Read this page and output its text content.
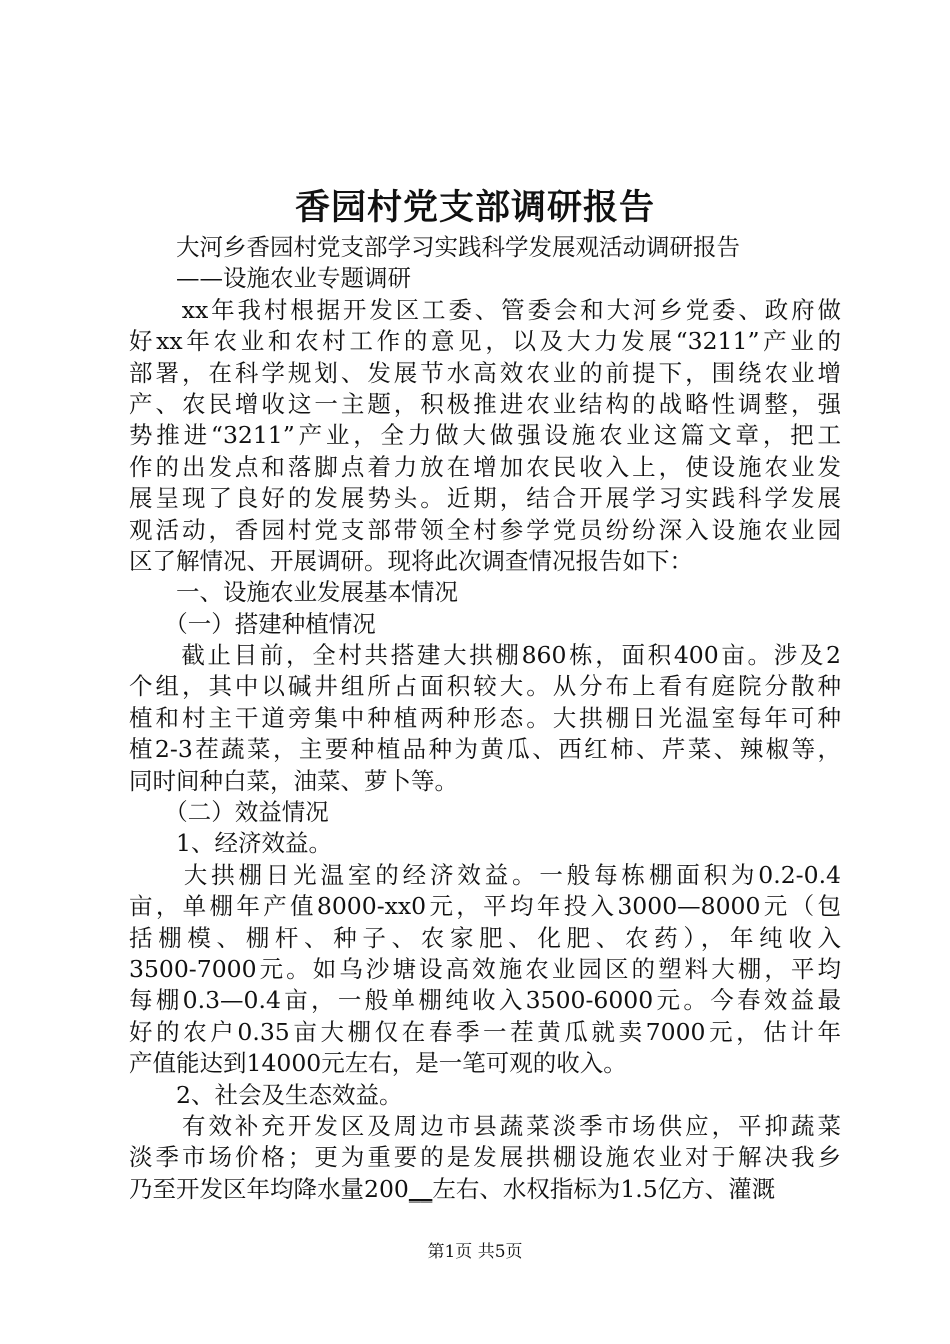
香园村党支部调研报告
　　大河乡香园村党支部学习实践科学发展观活动调研报告
　　——设施农业专题调研
　　xx年我村根据开发区工委、管委会和大河乡党委、政府做
好xx年农业和农村工作的意见，以及大力发展“3211”产业的
部署，在科学规划、发展节水高效农业的前提下，围绕农业增
产、农民增收这一主题，积极推进农业结构的战略性调整，强
势推进“3211”产业，全力做大做强设施农业这篇文章，把工
作的出发点和落脚点着力放在增加农民收入上，使设施农业发
展呈现了良好的发展势头。近期，结合开展学习实践科学发展
观活动，香园村党支部带领全村参学党员纷纷深入设施农业园
区了解情况、开展调研。现将此次调查情况报告如下：
　　一、设施农业发展基本情况
　　（一）搭建种植情况
　　截止目前，全村共搭建大拱棚860栋，面积400亩。涉及2
个组，其中以碱井组所占面积较大。从分布上看有庭院分散种
植和村主干道旁集中种植两种形态。大拱棚日光温室每年可种
植2-3茬蔬菜，主要种植品种为黄瓜、西红柿、芹菜、辣椒等，
同时间种白菜，油菜、萝卜等。
　　（二）效益情况
　　1、经济效益。
　　大拱棚日光温室的经济效益。一般每栋棚面积为0.2-0.4
亩，单棚年产值8000-xx0元，平均年投入3000—8000元（包
括棚模、棚杆、种子、农家肥、化肥、农药），年纯收入
3500-7000元。如乌沙塘设高效施农业园区的塑料大棚，平均
每棚0.3—0.4亩，一般单棚纯收入3500-6000元。今春效益最
好的农户0.35亩大棚仅在春季一茬黄瓜就卖7000元，估计年
产值能达到14000元左右，是一笔可观的收入。
　　2、社会及生态效益。
　　有效补充开发区及周边市县蔬菜淡季市场供应，平抑蔬菜
淡季市场价格；更为重要的是发展拱棚设施农业对于解决我乡
乃至开发区年均降水量200__左右、水权指标为1.5亿方、灌溉
第1页 共5页
